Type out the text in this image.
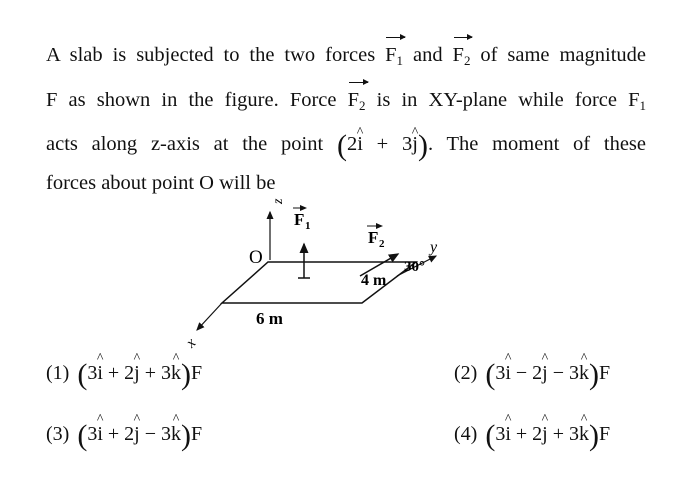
A slab is subjected to the two forces $F_1$ and $F_2$ of same magnitude
F as shown in the figure. Force $F_2$ is in XY-plane while force $F_1$
acts along z-axis at the point (2^ i + 3^ j). The moment of these
forces about point O will be
O
z
y
x
F 1
F 2
30°
4 m
6 m
(1) (3^ i + 2^ j + 3^ k)F	(2) (3^ i − 2^ j − 3^ k)F
(3) (3^ i + 2^ j − 3^ k)F	(4) (3^ i + 2^ j + 3^ k)F
